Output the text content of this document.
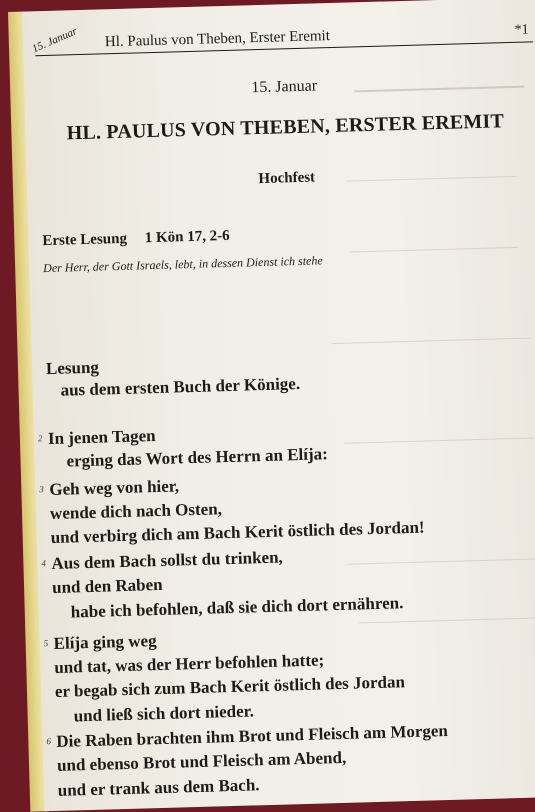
15. Januar Hl. Paulus von Theben, Erster Eremit	*1
15. Januar
HL. PAULUS VON THEBEN, ERSTER EREMIT
Hochfest
Erste Lesung 1 Kön 17, 2-6
Der Herr, der Gott Israels, lebt, in dessen Dienst ich stehe
Lesung
aus dem ersten Buch der Könige.
2 In jenen Tagen
erging das Wort des Herrn an Elíja:
3 Geh weg von hier,
wende dich nach Osten,
und verbirg dich am Bach Kerit östlich des Jordan!
4 Aus dem Bach sollst du trinken,
und den Raben
habe ich befohlen, daß sie dich dort ernähren.
5 Elíja ging weg
und tat, was der Herr befohlen hatte;
er begab sich zum Bach Kerit östlich des Jordan
und ließ sich dort nieder.
6 Die Raben brachten ihm Brot und Fleisch am Morgen
und ebenso Brot und Fleisch am Abend,
und er trank aus dem Bach.
